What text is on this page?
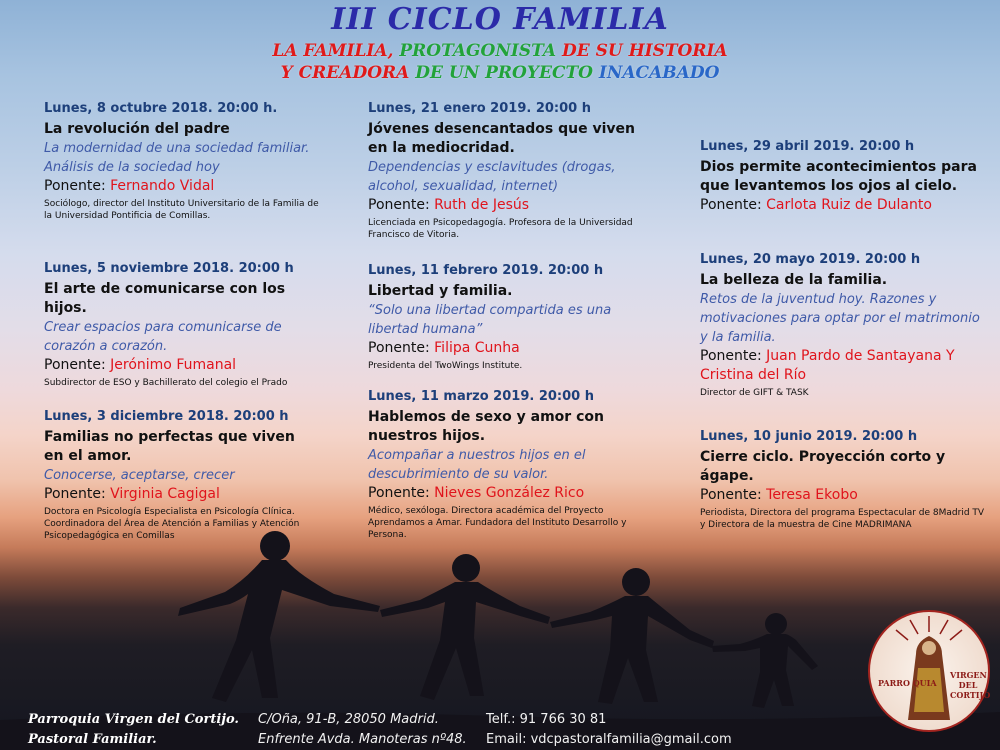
III CICLO FAMILIA
LA FAMILIA, PROTAGONISTA DE SU HISTORIA
Y CREADORA DE UN PROYECTO INACABADO
Lunes, 8 octubre 2018. 20:00 h.
La revolución del padre
La modernidad de una sociedad familiar. Análisis de la sociedad hoy
Ponente: Fernando Vidal
Sociólogo, director del Instituto Universitario de la Familia de la Universidad Pontificia de Comillas.
Lunes, 5 noviembre 2018. 20:00 h
El arte de comunicarse con los hijos.
Crear espacios para comunicarse de corazón a corazón.
Ponente: Jerónimo Fumanal
Subdirector de ESO y Bachillerato del colegio el Prado
Lunes, 3 diciembre 2018. 20:00 h
Familias no perfectas que viven en el amor.
Conocerse, aceptarse, crecer
Ponente: Virginia Cagigal
Doctora en Psicología Especialista en Psicología Clínica. Coordinadora del Área de Atención a Familias y Atención Psicopedagógica en Comillas
Lunes, 21 enero 2019. 20:00 h
Jóvenes desencantados que viven en la mediocridad.
Dependencias y esclavitudes (drogas, alcohol, sexualidad, internet)
Ponente: Ruth de Jesús
Licenciada en Psicopedagogía. Profesora de la Universidad Francisco de Vitoria.
Lunes, 11 febrero 2019. 20:00 h
Libertad y familia.
“Solo una libertad compartida es una libertad humana”
Ponente: Filipa Cunha
Presidenta del TwoWings Institute.
Lunes, 11 marzo 2019. 20:00 h
Hablemos de sexo y amor con nuestros hijos.
Acompañar a nuestros hijos en el descubrimiento de su valor.
Ponente: Nieves González Rico
Médico, sexóloga. Directora académica del Proyecto Aprendamos a Amar. Fundadora del Instituto Desarrollo y Persona.
Lunes, 29 abril 2019. 20:00 h
Dios permite acontecimientos para que levantemos los ojos al cielo.
Ponente: Carlota Ruiz de Dulanto
Lunes, 20 mayo 2019. 20:00 h
La belleza de la familia.
Retos de la juventud hoy. Razones y motivaciones para optar por el matrimonio y la familia.
Ponente: Juan Pardo de Santayana Y Cristina del Río
Director de GIFT & TASK
Lunes, 10 junio 2019. 20:00 h
Cierre ciclo. Proyección corto y ágape.
Ponente: Teresa Ekobo
Periodista, Directora del programa Espectacular de 8Madrid TV y Directora de la muestra de Cine MADRIMANA
PARRO QUIA
VIRGEN DEL CORTIJO
Parroquia Virgen del Cortijo.
Pastoral Familiar.
C/Oña, 91-B, 28050 Madrid.
Enfrente Avda. Manoteras nº48.
Telf.: 91 766 30 81
Email: vdcpastoralfamilia@gmail.com
